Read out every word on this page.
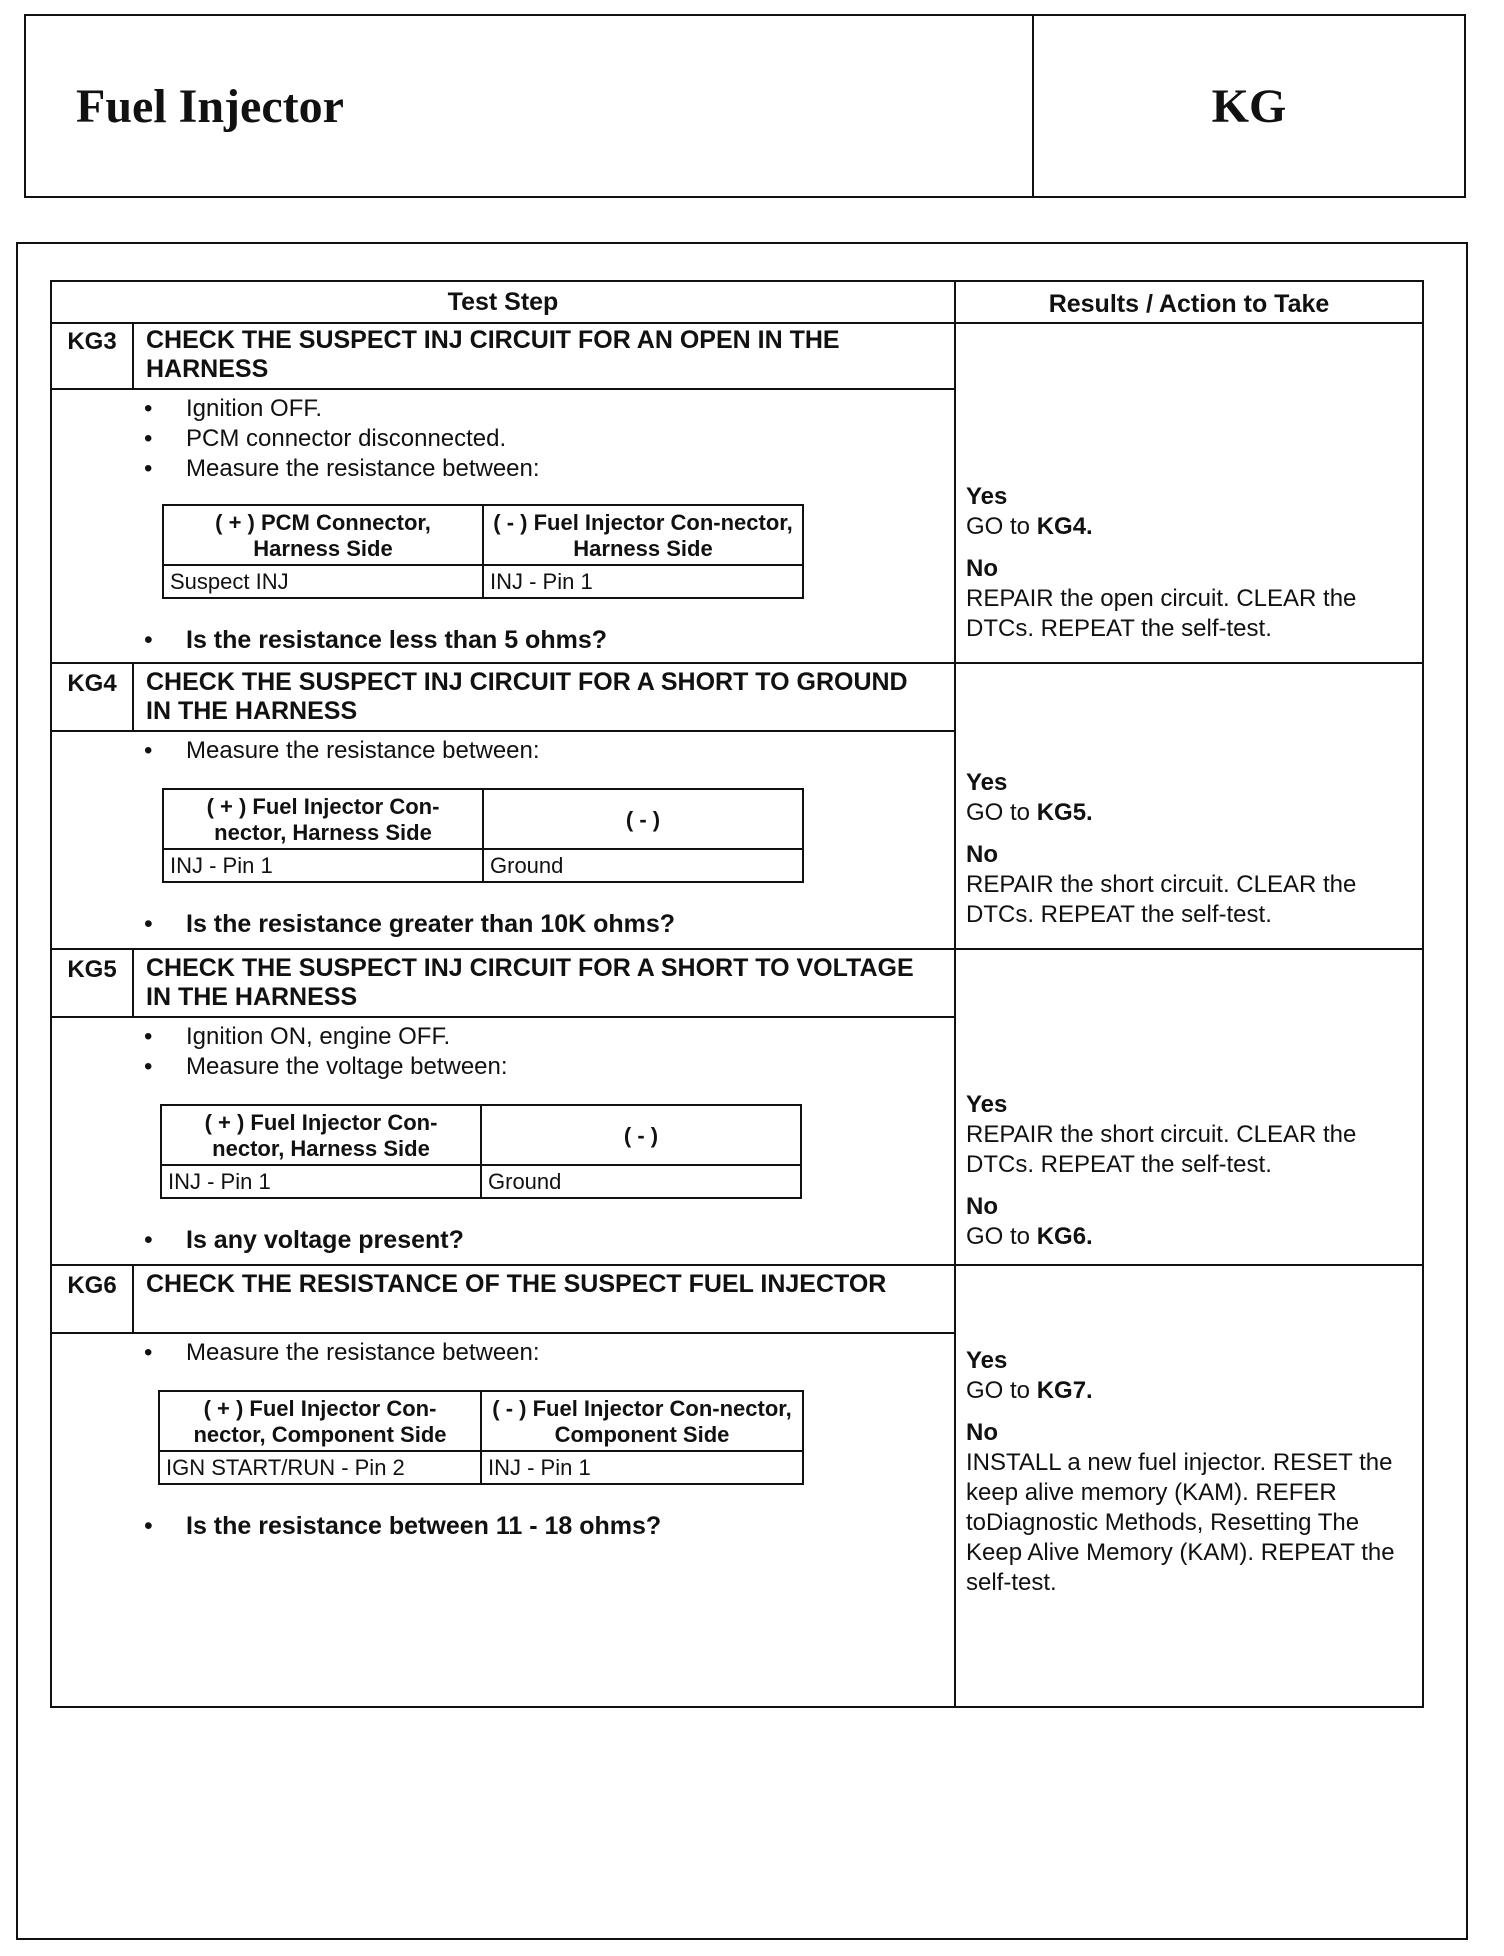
Fuel Injector	KG
Test Step	Results / Action to Take
KG3	CHECK THE SUSPECT INJ CIRCUIT FOR AN OPEN IN THE HARNESS
• Ignition OFF.
• PCM connector disconnected.
• Measure the resistance between:
( + ) PCM Connector, Harness Side	( - ) Fuel Injector Con-nector, Harness Side
Suspect INJ	INJ - Pin 1
• Is the resistance less than 5 ohms?
Yes
GO to KG4.
No
REPAIR the open circuit. CLEAR the DTCs. REPEAT the self-test.
KG4	CHECK THE SUSPECT INJ CIRCUIT FOR A SHORT TO GROUND IN THE HARNESS
• Measure the resistance between:
( + ) Fuel Injector Con-nector, Harness Side	( - )
INJ - Pin 1	Ground
• Is the resistance greater than 10K ohms?
Yes
GO to KG5.
No
REPAIR the short circuit. CLEAR the DTCs. REPEAT the self-test.
KG5	CHECK THE SUSPECT INJ CIRCUIT FOR A SHORT TO VOLTAGE IN THE HARNESS
• Ignition ON, engine OFF.
• Measure the voltage between:
( + ) Fuel Injector Con-nector, Harness Side	( - )
INJ - Pin 1	Ground
• Is any voltage present?
Yes
REPAIR the short circuit. CLEAR the DTCs. REPEAT the self-test.
No
GO to KG6.
KG6	CHECK THE RESISTANCE OF THE SUSPECT FUEL INJECTOR
• Measure the resistance between:
( + ) Fuel Injector Con-nector, Component Side	( - ) Fuel Injector Con-nector, Component Side
IGN START/RUN - Pin 2	INJ - Pin 1
• Is the resistance between 11 - 18 ohms?
Yes
GO to KG7.
No
INSTALL a new fuel injector. RESET the keep alive memory (KAM). REFER toDiagnostic Methods, Resetting The Keep Alive Memory (KAM). REPEAT the self-test.
